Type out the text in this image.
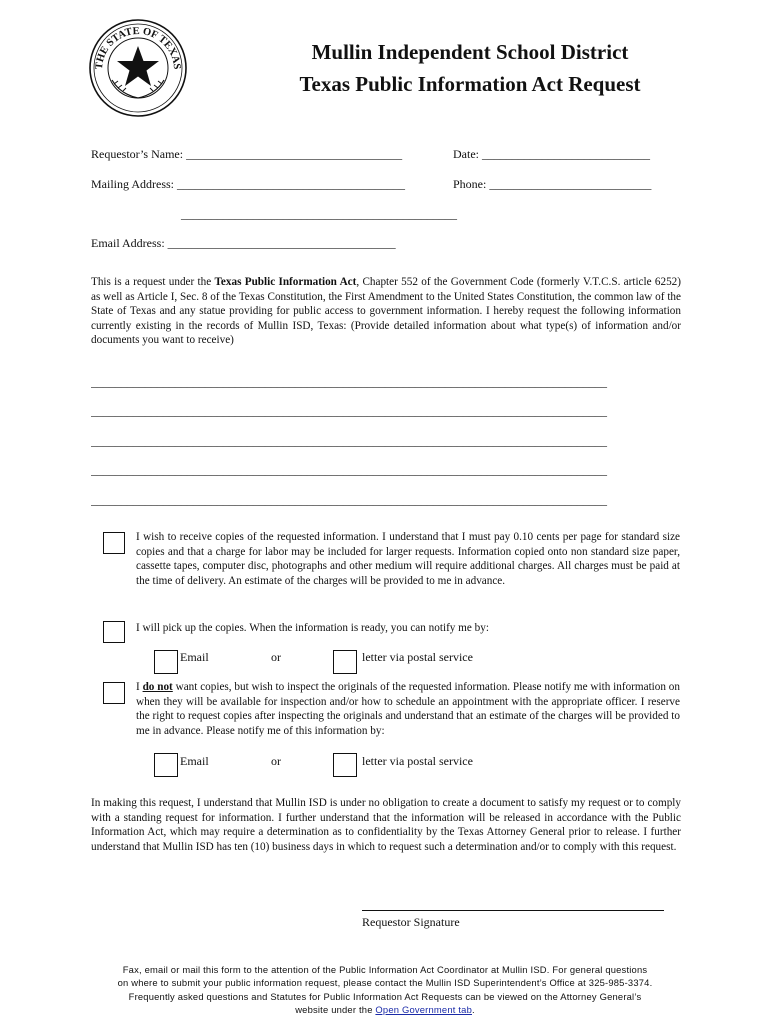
THE STATE OF TEXAS
Mullin Independent School District
Texas Public Information Act Request
Requestor’s Name: ____________________________________	Date: ____________________________
Mailing Address: ______________________________________	Phone: ___________________________
______________________________________________
Email Address: ______________________________________
This is a request under the Texas Public Information Act, Chapter 552 of the Government Code (formerly V.T.C.S. article 6252) as well as Article I, Sec. 8 of the Texas Constitution, the First Amendment to the United States Constitution, the common law of the State of Texas and any statue providing for public access to government information. I hereby request the following information currently existing in the records of Mullin ISD, Texas: (Provide detailed information about what type(s) of information and/or documents you want to receive)
______________________________________________________________________________________
______________________________________________________________________________________
______________________________________________________________________________________
______________________________________________________________________________________
______________________________________________________________________________________
I wish to receive copies of the requested information. I understand that I must pay 0.10 cents per page for standard size copies and that a charge for labor may be included for larger requests. Information copied onto non standard size paper, cassette tapes, computer disc, photographs and other medium will require additional charges. All charges must be paid at the time of delivery. An estimate of the charges will be provided to me in advance.
I will pick up the copies. When the information is ready, you can notify me by:
Email	or	letter via postal service
I do not want copies, but wish to inspect the originals of the requested information. Please notify me with information on when they will be available for inspection and/or how to schedule an appointment with the appropriate officer. I reserve the right to request copies after inspecting the originals and understand that an estimate of the charges will be provided to me in advance. Please notify me of this information by:
Email	or	letter via postal service
In making this request, I understand that Mullin ISD is under no obligation to create a document to satisfy my request or to comply with a standing request for information. I further understand that the information will be released in accordance with the Public Information Act, which may require a determination as to confidentiality by the Texas Attorney General prior to release. I further understand that Mullin ISD has ten (10) business days in which to request such a determination and/or to comply with this request.
Requestor Signature
Fax, email or mail this form to the attention of the Public Information Act Coordinator at Mullin ISD. For general questions
on where to submit your public information request, please contact the Mullin ISD Superintendent’s Office at 325-985-3374.
Frequently asked questions and Statutes for Public Information Act Requests can be viewed on the Attorney General’s
website under the Open Government tab.
